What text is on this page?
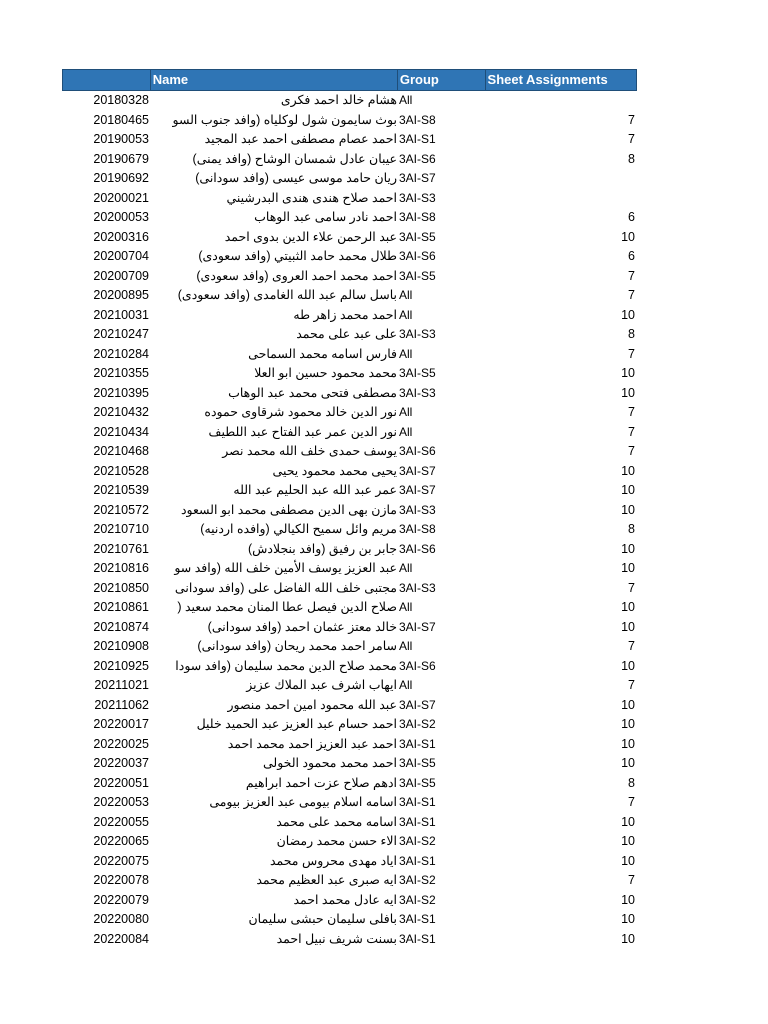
Name	Group	Sheet Assignments
20180328	هشام خالد احمد فكرى All
20180465	بوث سايمون شول لوكلياه (وافد جنوب السو 3AI-S8	7
20190053	احمد عصام مصطفى احمد عبد المجيد 3AI-S1	7
20190679	عيبان عادل شمسان الوشاح (وافد يمنى) 3AI-S6	8
20190692	ريان حامد موسى عيسى (وافد سودانى) 3AI-S7
20200021	احمد صلاح هندى هندى البدرشيني 3AI-S3
20200053	احمد نادر سامى عبد الوهاب 3AI-S8	6
20200316	عبد الرحمن علاء الدين بدوى احمد 3AI-S5	10
20200704	طلال محمد حامد الثبيتي (وافد سعودى) 3AI-S6	6
20200709	احمد محمد احمد العروى (وافد سعودى) 3AI-S5	7
20200895	باسل سالم عبد الله الغامدى (وافد سعودى) All	7
20210031	احمد محمد زاهر طه All	10
20210247	على عبد على محمد 3AI-S3	8
20210284	فارس اسامه محمد السماحى All	7
20210355	محمد محمود حسين ابو العلا 3AI-S5	10
20210395	مصطفى فتحى محمد عبد الوهاب 3AI-S3	10
20210432	نور الدين خالد محمود شرقاوى حموده All	7
20210434	نور الدين عمر عبد الفتاح عبد اللطيف All	7
20210468	يوسف حمدى خلف الله محمد نصر 3AI-S6	7
20210528	يحيى محمد محمود يحيى 3AI-S7	10
20210539	عمر عبد الله عبد الحليم عبد الله 3AI-S7	10
20210572	مازن بهى الدين مصطفى محمد ابو السعود 3AI-S3	10
20210710	مريم وائل سميح الكيالي (وافده اردنيه) 3AI-S8	8
20210761	جابر بن رفيق (وافد بنجلادش) 3AI-S6	10
20210816	عبد العزيز يوسف الأمين خلف الله (وافد سو All	10
20210850	مجتبى خلف الله الفاضل على (وافد سودانى 3AI-S3	7
20210861	صلاح الدين فيصل عطا المنان محمد سعيد ( All	10
20210874	خالد معتز عثمان احمد (وافد سودانى) 3AI-S7	10
20210908	سامر احمد محمد ريحان (وافد سودانى) All	7
20210925	محمد صلاح الدين محمد سليمان (وافد سودا 3AI-S6	10
20211021	ايهاب اشرف عبد الملاك عزيز All	7
20211062	عبد الله محمود امين احمد منصور 3AI-S7	10
20220017	احمد حسام عبد العزيز عبد الحميد خليل 3AI-S2	10
20220025	احمد عبد العزيز احمد محمد احمد 3AI-S1	10
20220037	احمد محمد محمود الخولى 3AI-S5	10
20220051	ادهم صلاح عزت احمد ابراهيم 3AI-S5	8
20220053	اسامه اسلام بيومى عبد العزيز بيومى 3AI-S1	7
20220055	اسامه محمد على محمد 3AI-S1	10
20220065	الاء حسن محمد رمضان 3AI-S2	10
20220075	اياد مهدى محروس محمد 3AI-S1	10
20220078	ايه صبرى عبد العظيم محمد 3AI-S2	7
20220079	ايه عادل محمد احمد 3AI-S2	10
20220080	بافلى سليمان حبشى سليمان 3AI-S1	10
20220084	بسنت شريف نبيل احمد 3AI-S1	10
